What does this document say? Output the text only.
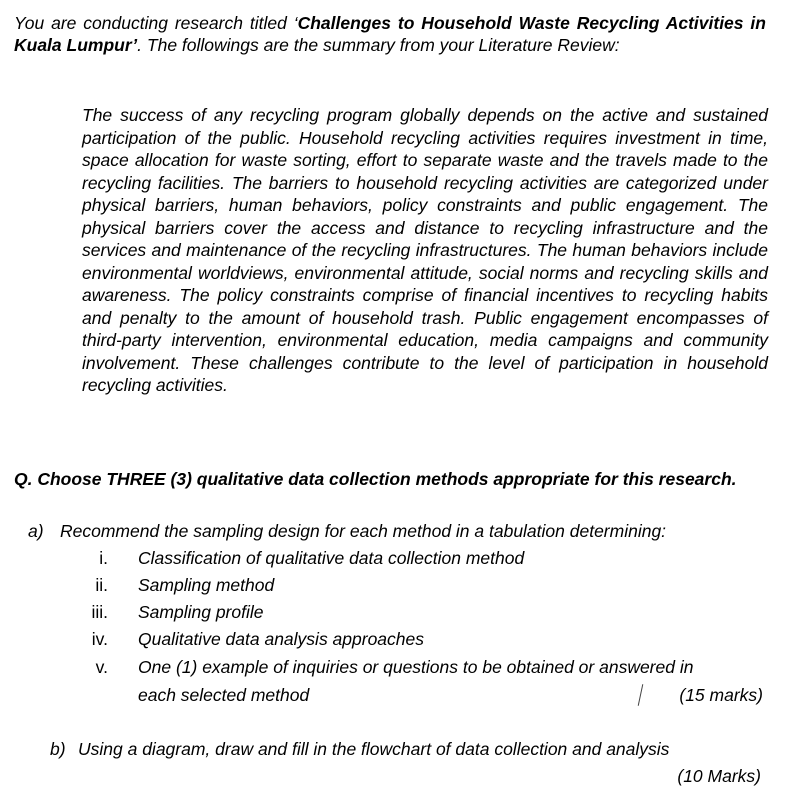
You are conducting research titled ‘Challenges to Household Waste Recycling Activities in Kuala Lumpur’. The followings are the summary from your Literature Review:

The success of any recycling program globally depends on the active and sustained participation of the public. Household recycling activities requires investment in time, space allocation for waste sorting, effort to separate waste and the travels made to the recycling facilities. The barriers to household recycling activities are categorized under physical barriers, human behaviors, policy constraints and public engagement. The physical barriers cover the access and distance to recycling infrastructure and the services and maintenance of the recycling infrastructures. The human behaviors include environmental worldviews, environmental attitude, social norms and recycling skills and awareness. The policy constraints comprise of financial incentives to recycling habits and penalty to the amount of household trash. Public engagement encompasses of third-party intervention, environmental education, media campaigns and community involvement. These challenges contribute to the level of participation in household recycling activities.

Q. Choose THREE (3) qualitative data collection methods appropriate for this research.

a) Recommend the sampling design for each method in a tabulation determining:
i. Classification of qualitative data collection method
ii. Sampling method
iii. Sampling profile
iv. Qualitative data analysis approaches
v. One (1) example of inquiries or questions to be obtained or answered in
each selected method	(15 marks)
b) Using a diagram, draw and fill in the flowchart of data collection and analysis
(10 Marks)
